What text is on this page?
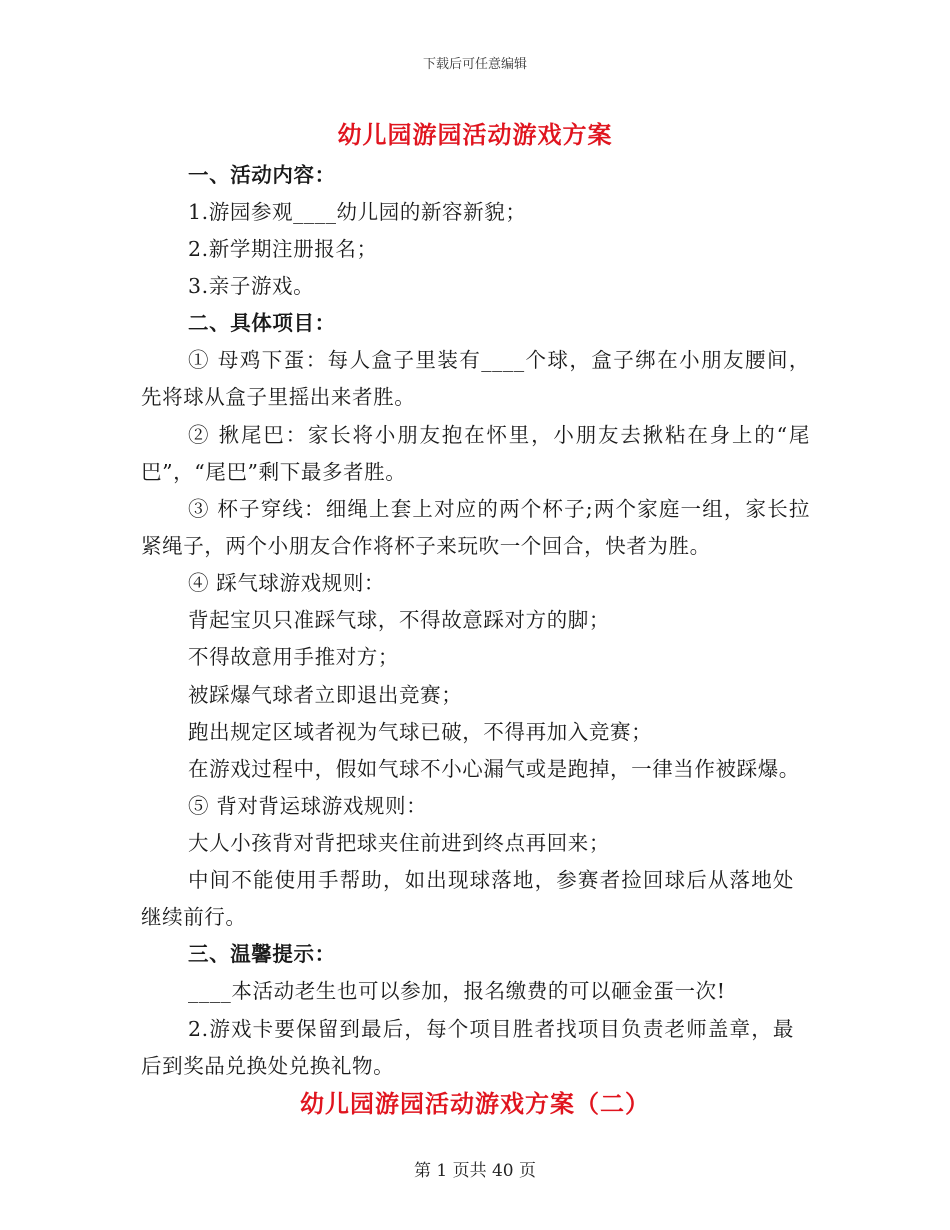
下载后可任意编辑
幼儿园游园活动游戏方案
一、活动内容：
1.游园参观____幼儿园的新容新貌；
2.新学期注册报名；
3.亲子游戏。
二、具体项目：
① 母鸡下蛋：每人盒子里装有____个球，盒子绑在小朋友腰间，
先将球从盒子里摇出来者胜。
② 揪尾巴：家长将小朋友抱在怀里，小朋友去揪粘在身上的“尾
巴”，“尾巴”剩下最多者胜。
③ 杯子穿线：细绳上套上对应的两个杯子;两个家庭一组，家长拉
紧绳子，两个小朋友合作将杯子来玩吹一个回合，快者为胜。
④ 踩气球游戏规则：
背起宝贝只准踩气球，不得故意踩对方的脚；
不得故意用手推对方；
被踩爆气球者立即退出竞赛；
跑出规定区域者视为气球已破，不得再加入竞赛；
在游戏过程中，假如气球不小心漏气或是跑掉，一律当作被踩爆。
⑤ 背对背运球游戏规则：
大人小孩背对背把球夹住前进到终点再回来；
中间不能使用手帮助，如出现球落地，参赛者捡回球后从落地处
继续前行。
三、温馨提示：
____本活动老生也可以参加，报名缴费的可以砸金蛋一次!
2.游戏卡要保留到最后，每个项目胜者找项目负责老师盖章，最
后到奖品兑换处兑换礼物。
幼儿园游园活动游戏方案（二）
第 1 页共 40 页
